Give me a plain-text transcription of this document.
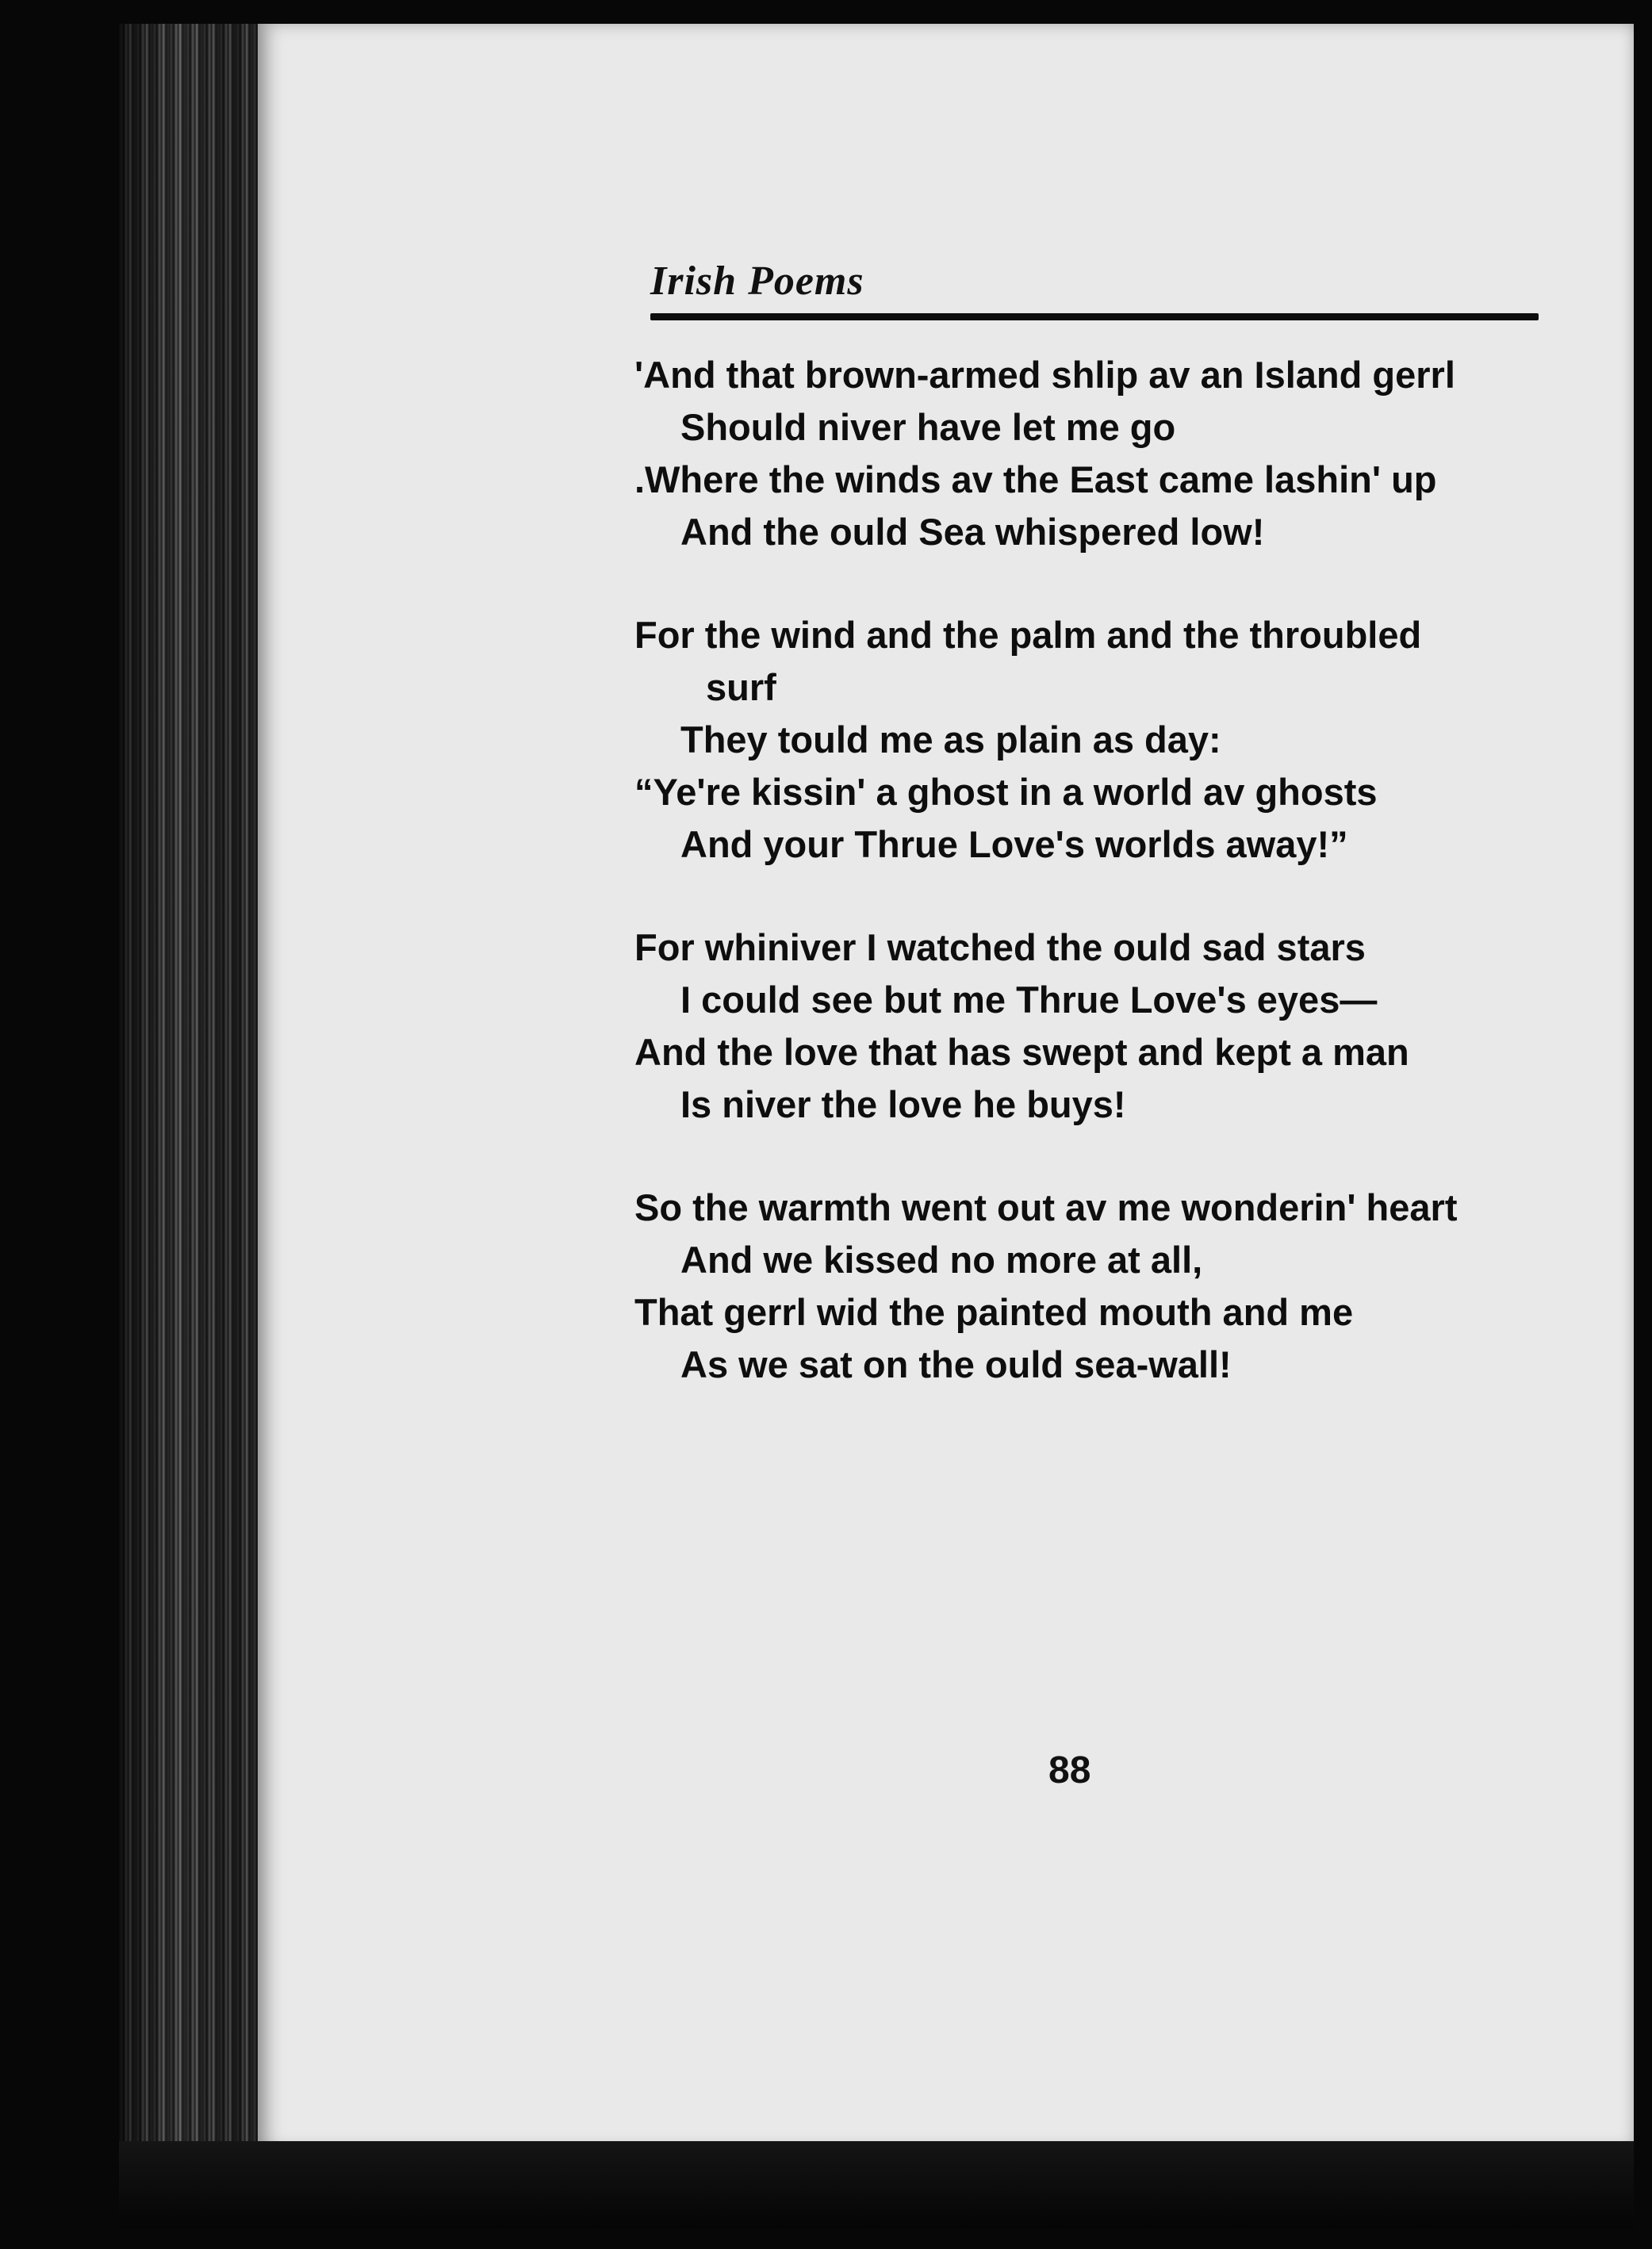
Irish Poems
'And that brown-armed shlip av an Island gerrl
Should niver have let me go
.Where the winds av the East came lashin' up
And the ould Sea whispered low!
For the wind and the palm and the throubled
surf
They tould me as plain as day:
“Ye're kissin' a ghost in a world av ghosts
And your Thrue Love's worlds away!”
For whiniver I watched the ould sad stars
I could see but me Thrue Love's eyes—
And the love that has swept and kept a man
Is niver the love he buys!
So the warmth went out av me wonderin' heart
And we kissed no more at all,
That gerrl wid the painted mouth and me
As we sat on the ould sea-wall!
88
